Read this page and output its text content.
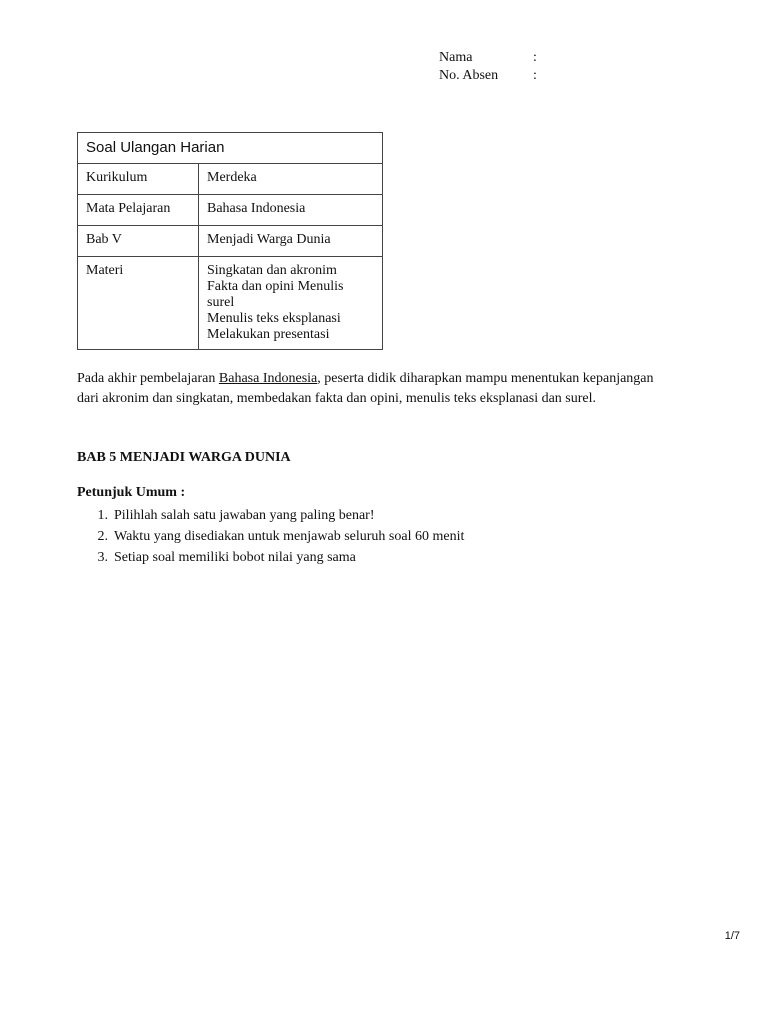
Nama	:
No. Absen	:
Soal Ulangan Harian	
Kurikulum	Merdeka
Mata Pelajaran	Bahasa Indonesia
Bab V	Menjadi Warga Dunia
Materi	Singkatan dan akronim
Fakta dan opini Menulis surel
Menulis teks eksplanasi
Melakukan presentasi

Pada akhir pembelajaran Bahasa Indonesia, peserta didik diharapkan mampu menentukan kepanjangan dari akronim dan singkatan, membedakan fakta dan opini, menulis teks eksplanasi dan surel.

BAB 5 MENJADI WARGA DUNIA
Petunjuk Umum :
1. Pilihlah salah satu jawaban yang paling benar!
2. Waktu yang disediakan untuk menjawab seluruh soal 60 menit
3. Setiap soal memiliki bobot nilai yang sama
1/7
